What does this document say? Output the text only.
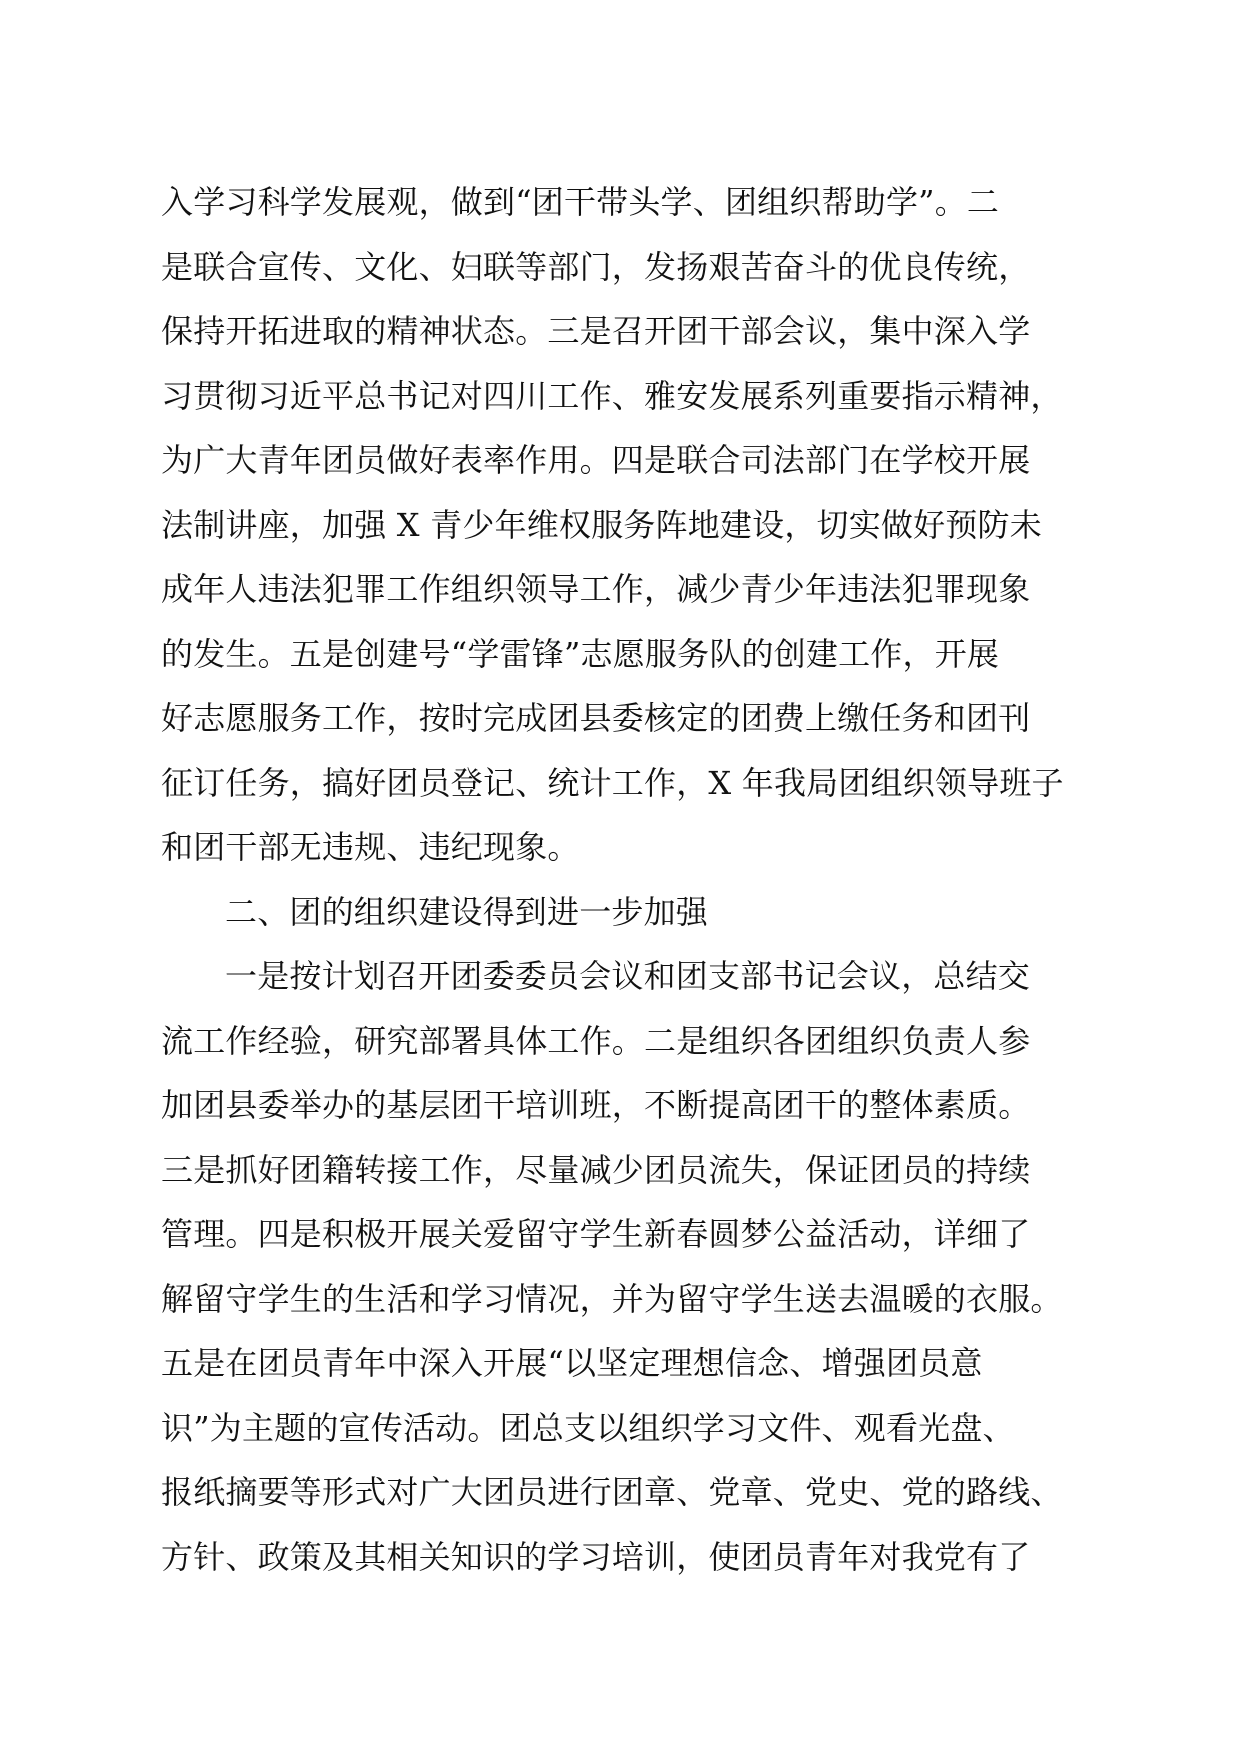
入学习科学发展观，做到“团干带头学、团组织帮助学”。二
是联合宣传、文化、妇联等部门，发扬艰苦奋斗的优良传统，
保持开拓进取的精神状态。三是召开团干部会议，集中深入学
习贯彻习近平总书记对四川工作、雅安发展系列重要指示精神，
为广大青年团员做好表率作用。四是联合司法部门在学校开展
法制讲座，加强 X 青少年维权服务阵地建设，切实做好预防未
成年人违法犯罪工作组织领导工作，减少青少年违法犯罪现象
的发生。五是创建号“学雷锋”志愿服务队的创建工作，开展
好志愿服务工作，按时完成团县委核定的团费上缴任务和团刊
征订任务，搞好团员登记、统计工作，X 年我局团组织领导班子
和团干部无违规、违纪现象。
二、团的组织建设得到进一步加强
一是按计划召开团委委员会议和团支部书记会议，总结交
流工作经验，研究部署具体工作。二是组织各团组织负责人参
加团县委举办的基层团干培训班，不断提高团干的整体素质。
三是抓好团籍转接工作，尽量减少团员流失，保证团员的持续
管理。四是积极开展关爱留守学生新春圆梦公益活动，详细了
解留守学生的生活和学习情况，并为留守学生送去温暖的衣服。
五是在团员青年中深入开展“以坚定理想信念、增强团员意
识”为主题的宣传活动。团总支以组织学习文件、观看光盘、
报纸摘要等形式对广大团员进行团章、党章、党史、党的路线、
方针、政策及其相关知识的学习培训，使团员青年对我党有了
